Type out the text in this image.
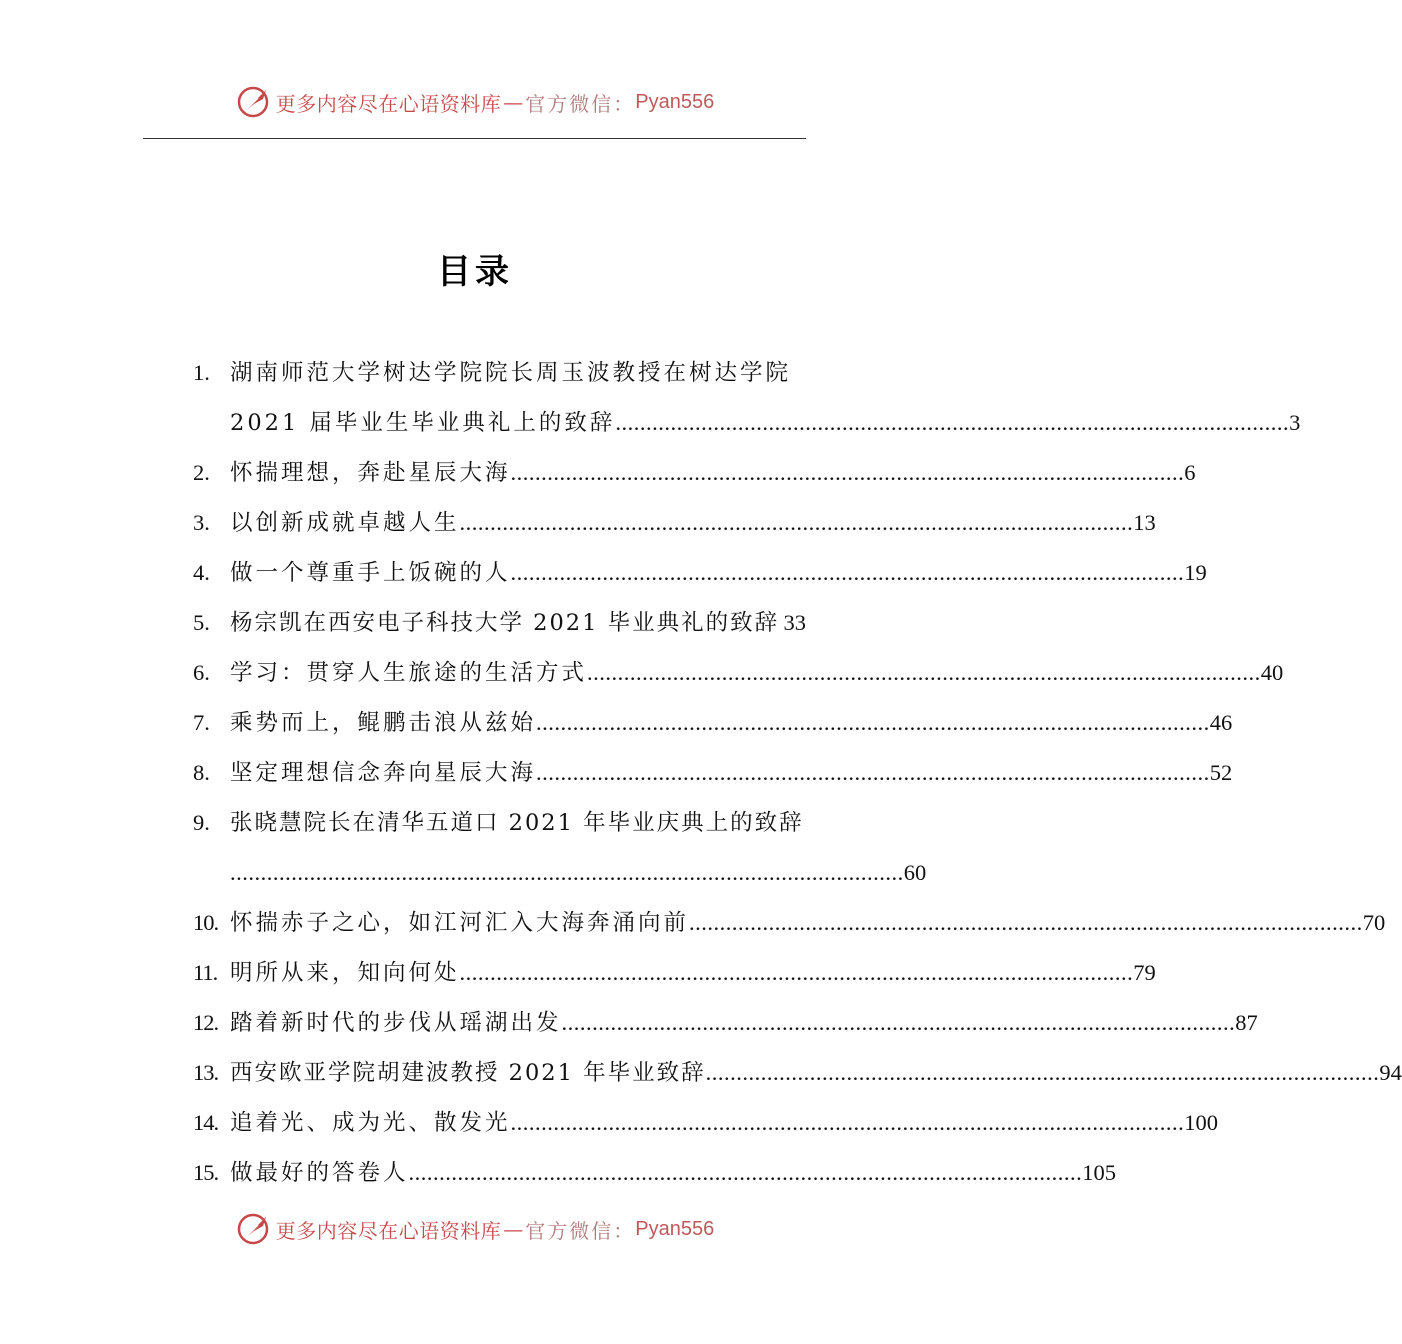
更多内容尽在心语资料库 — 官方微信： Pyan556
目录
1. 湖南师范大学树达学院院长周玉波教授在树达学院
2021 届毕业生毕业典礼上的致辞 .............................................................................................................. 3
2. 怀揣理想，奔赴星辰大海 .............................................................................................................. 6
3. 以创新成就卓越人生 .............................................................................................................. 13
4. 做一个尊重手上饭碗的人 .............................................................................................................. 19
5. 杨宗凯在西安电子科技大学 2021 毕业典礼的致辞 33
6. 学习：贯穿人生旅途的生活方式 .............................................................................................................. 40
7. 乘势而上，鲲鹏击浪从兹始 .............................................................................................................. 46
8. 坚定理想信念奔向星辰大海 .............................................................................................................. 52
9. 张晓慧院长在清华五道口 2021 年毕业庆典上的致辞
.............................................................................................................. 60
10. 怀揣赤子之心，如江河汇入大海奔涌向前 .............................................................................................................. 70
11. 明所从来，知向何处 .............................................................................................................. 79
12. 踏着新时代的步伐从瑶湖出发 .............................................................................................................. 87
13. 西安欧亚学院胡建波教授 2021 年毕业致辞 .............................................................................................................. 94
14. 追着光、成为光、散发光 .............................................................................................................. 100
15. 做最好的答卷人 .............................................................................................................. 105
更多内容尽在心语资料库 — 官方微信： Pyan556
